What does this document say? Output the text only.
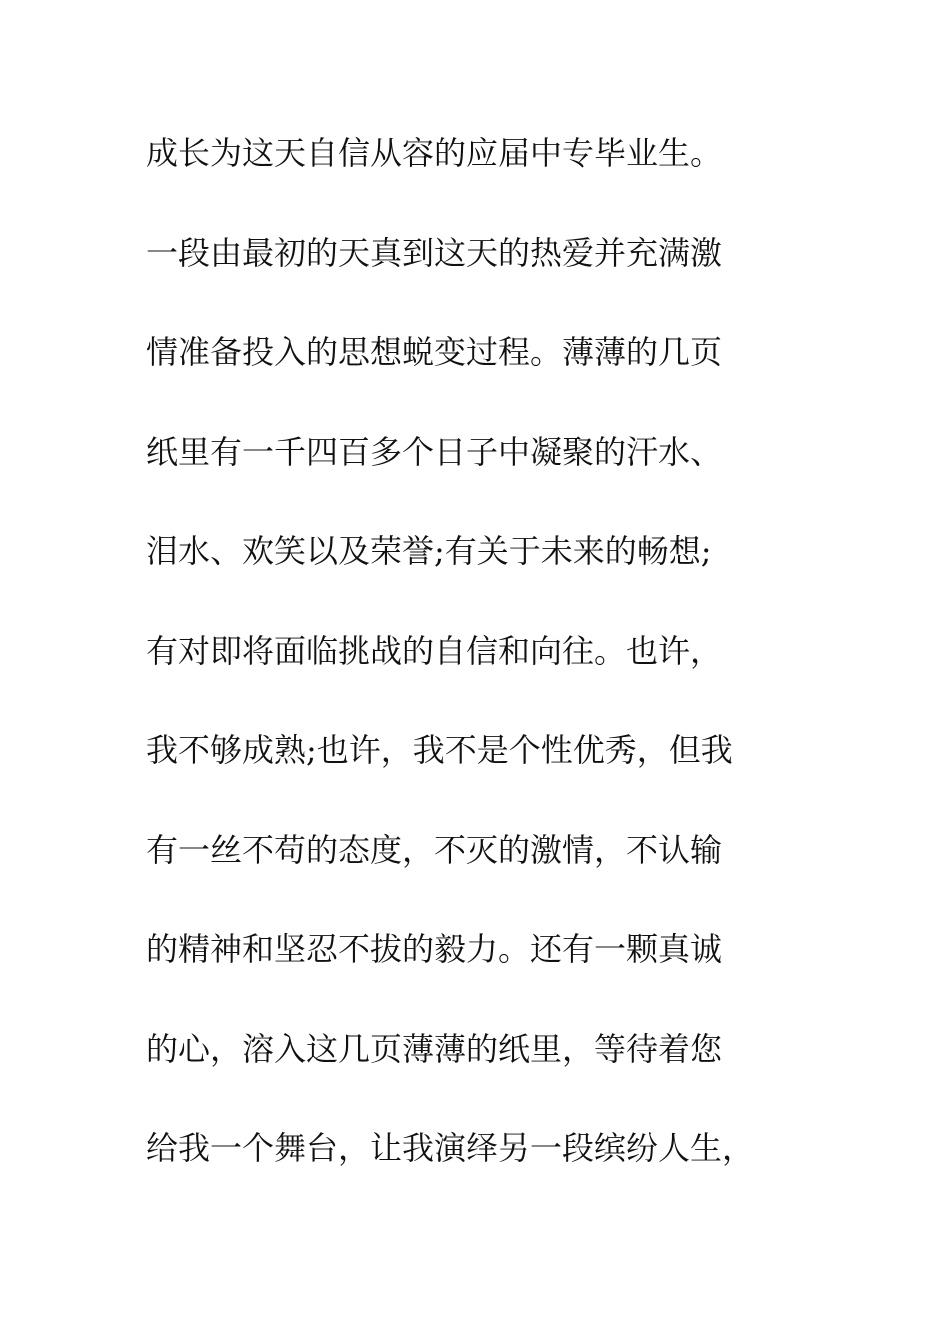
成长为这天自信从容的应届中专毕业生。
一段由最初的天真到这天的热爱并充满激
情准备投入的思想蜕变过程。薄薄的几页
纸里有一千四百多个日子中凝聚的汗水、
泪水、欢笑以及荣誉;有关于未来的畅想;
有对即将面临挑战的自信和向往。也许，
我不够成熟;也许，我不是个性优秀，但我
有一丝不苟的态度，不灭的激情，不认输
的精神和坚忍不拔的毅力。还有一颗真诚
的心，溶入这几页薄薄的纸里，等待着您
给我一个舞台，让我演绎另一段缤纷人生，
